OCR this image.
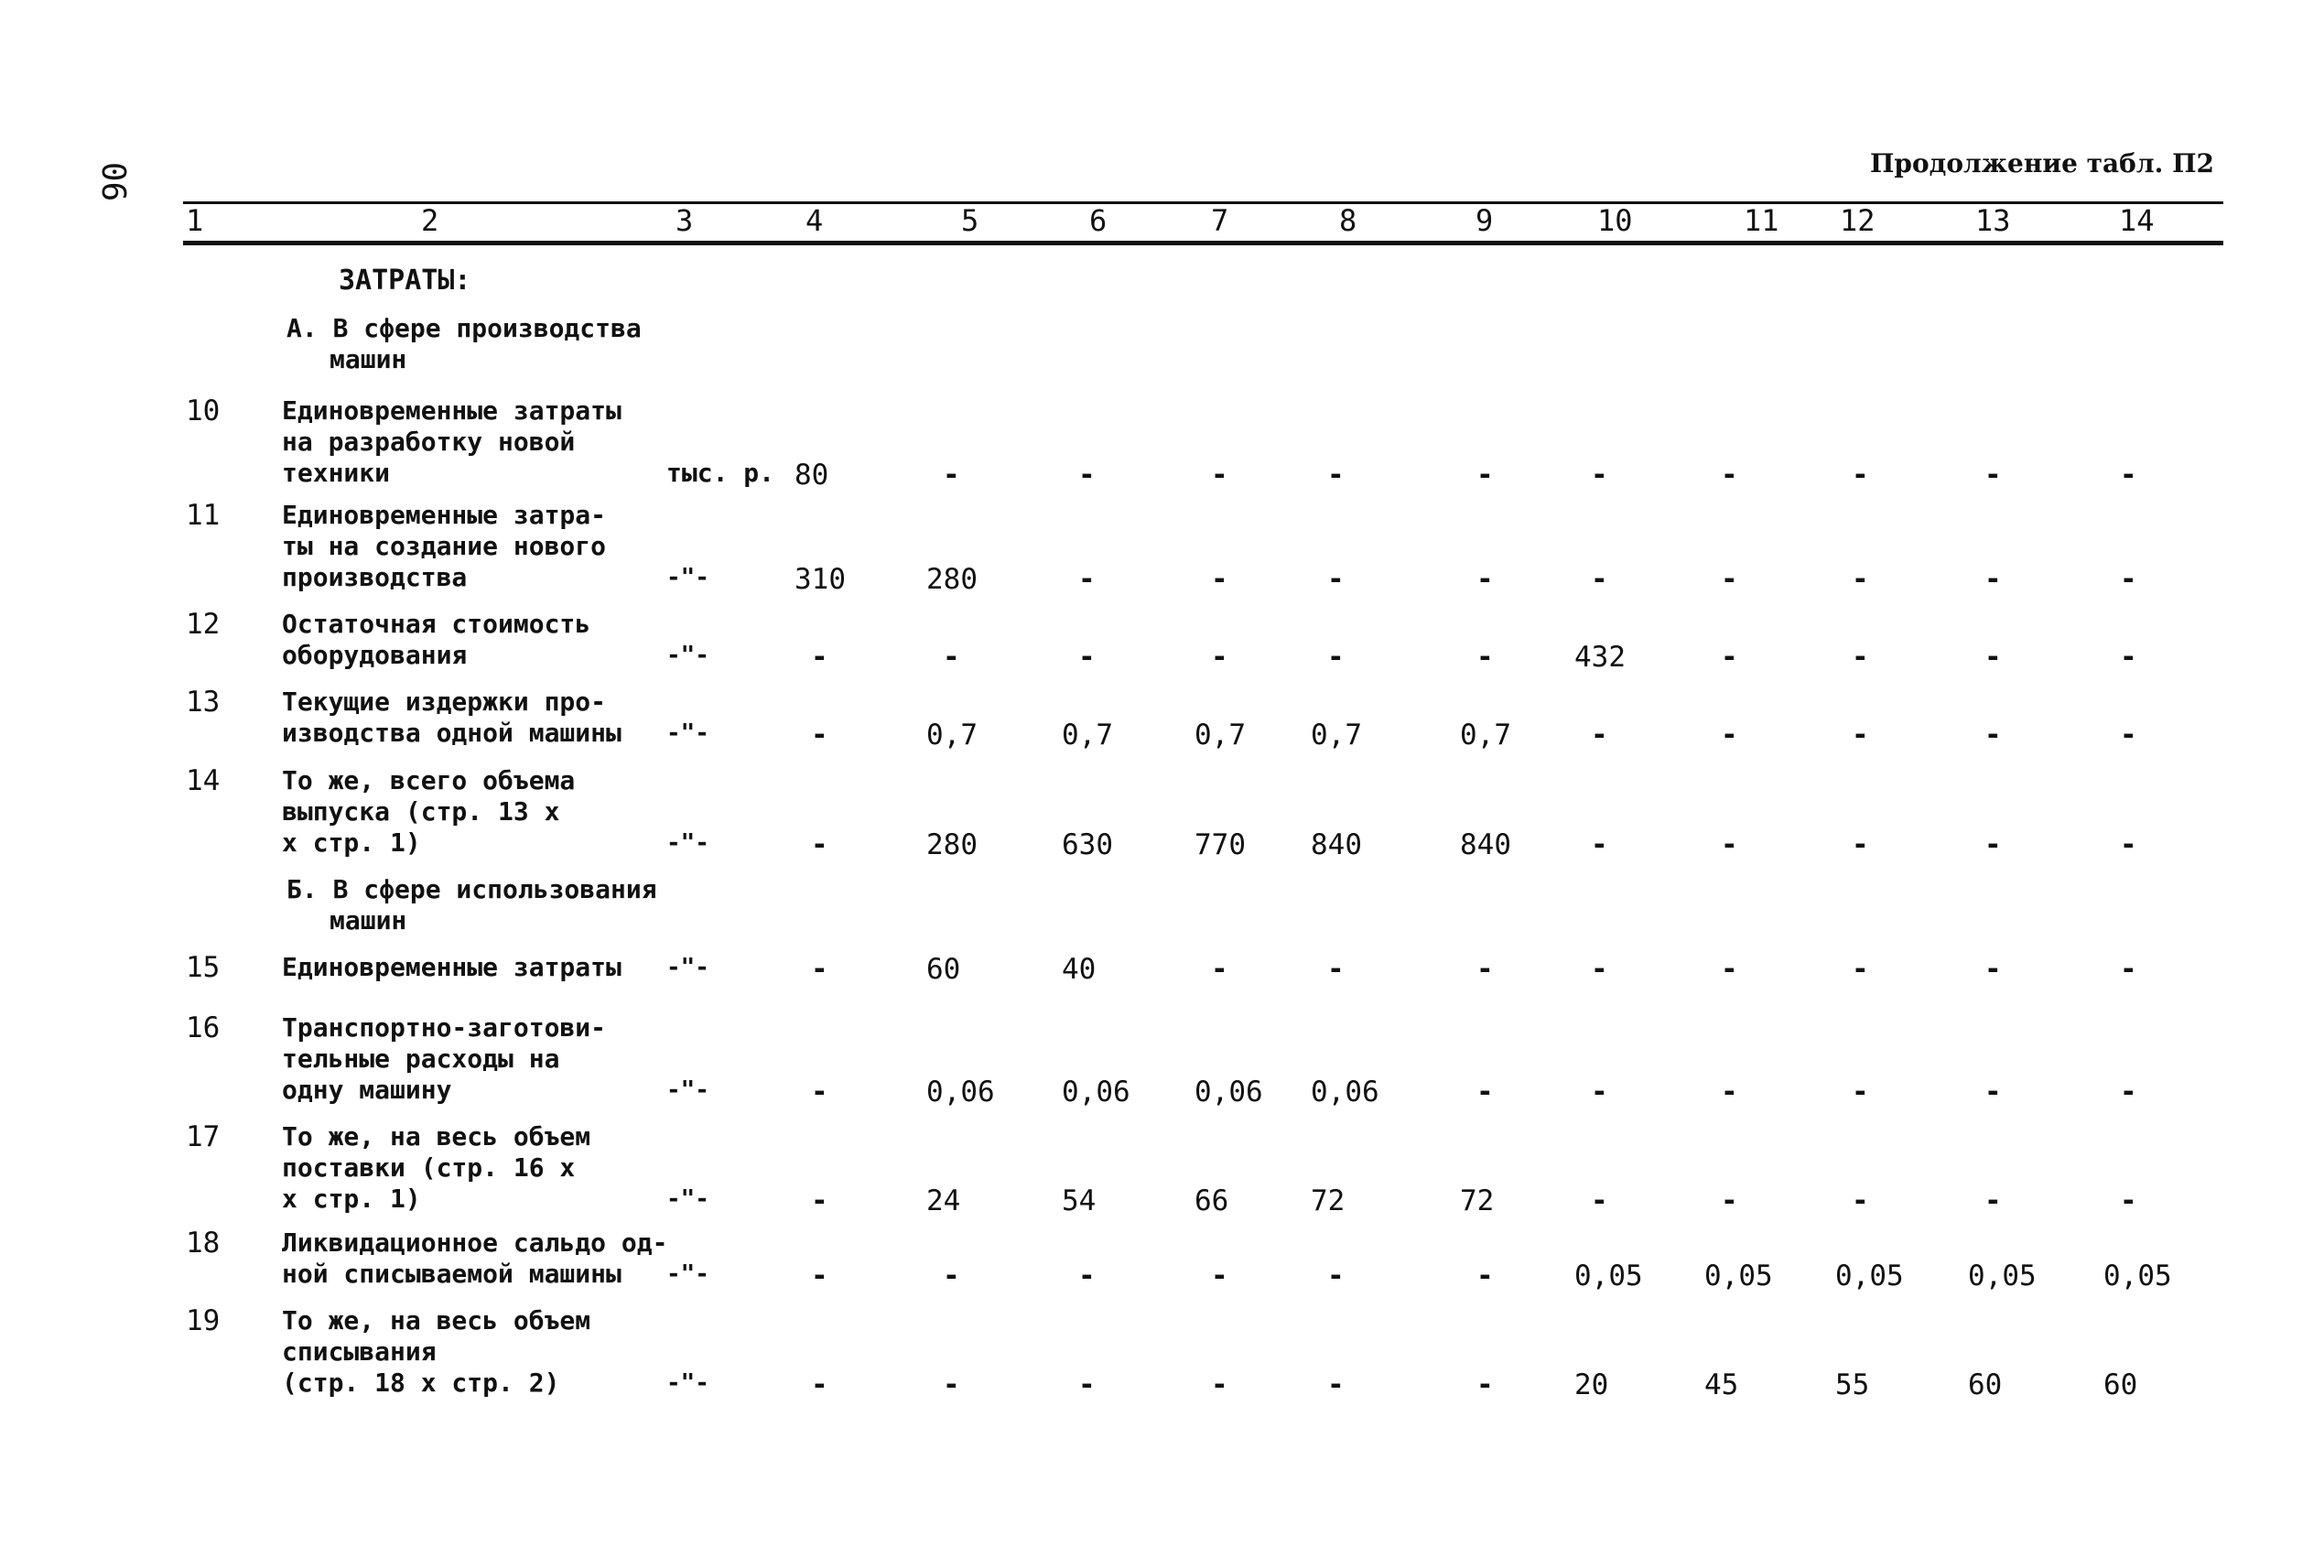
06	Продолжение табл. П2
1	2	3	4	5	6	7	8	9	10	11 12	13	14
ЗАТРАТЫ:
А. В сфере производства
машин
Б. В сфере использования
машин
10 Единовременные затраты
на разработку новой
техники	тыс. р. 80	-	-	-	-	-	-	-	-	-	-
11 Единовременные затра-
ты на создание нового
производства	-"-	310	280	-	-	-	-	-	-	-	-	-
12 Остаточная стоимость
оборудования	-"-	-	-	-	-	-	-	432	-	-	-	-
13 Текущие издержки про-
изводства одной машины -"-	-	0,7	0,7	0,7 0,7	0,7	-	-	-	-	-
14 То же, всего объема
выпуска (стр. 13 х
х стр. 1)	-"-	-	280	630	770 840	840	-	-	-	-	-
15 Единовременные затраты -"-	-	60	40	-	-	-	-	-	-	-	-
16 Транспортно-заготови-
тельные расходы на
одну машину	-"-	-	0,06 0,06 0,06 0,06	-	-	-	-	-	-
17 То же, на весь объем
поставки (стр. 16 х
х стр. 1)	-"-	-	24	54	66	72	72	-	-	-	-	-
18 Ликвидационное сальдо од-
ной списываемой машины -"-	-	-	-	-	-	-	0,05 0,05 0,05 0,05 0,05
19 То же, на весь объем
списывания
(стр. 18 х стр. 2)	-"-	-	-	-	-	-	-	20	45	55	60	60
